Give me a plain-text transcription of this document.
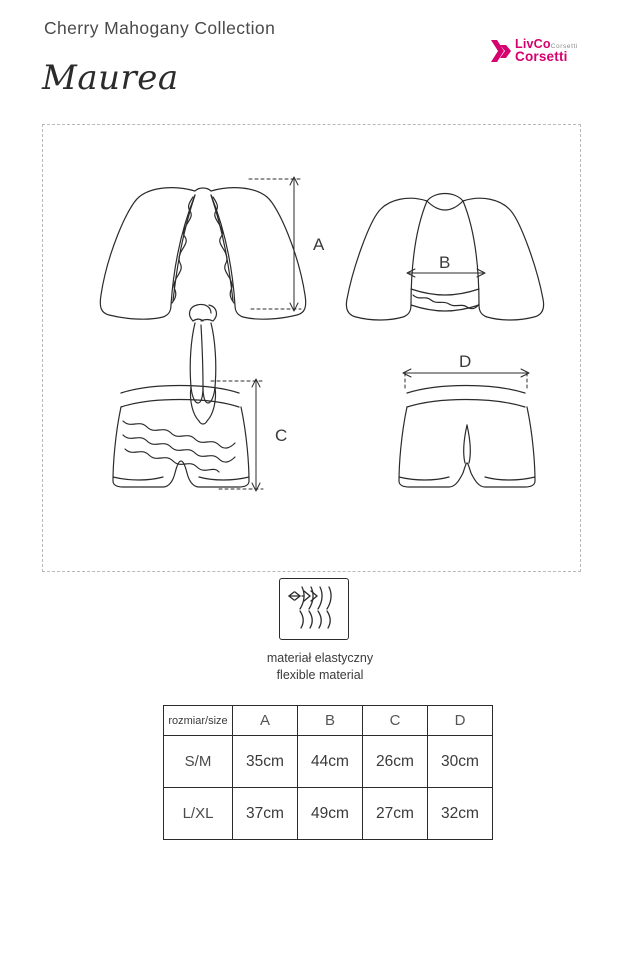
Cherry Mahogany Collection
Maurea
LivCoCorsetti
Corsetti
A
B
C
D
materiał elastyczny
flexible material
rozmiar/size	A	B	C	D
S/M	35cm	44cm	26cm	30cm
L/XL	37cm	49cm	27cm	32cm
